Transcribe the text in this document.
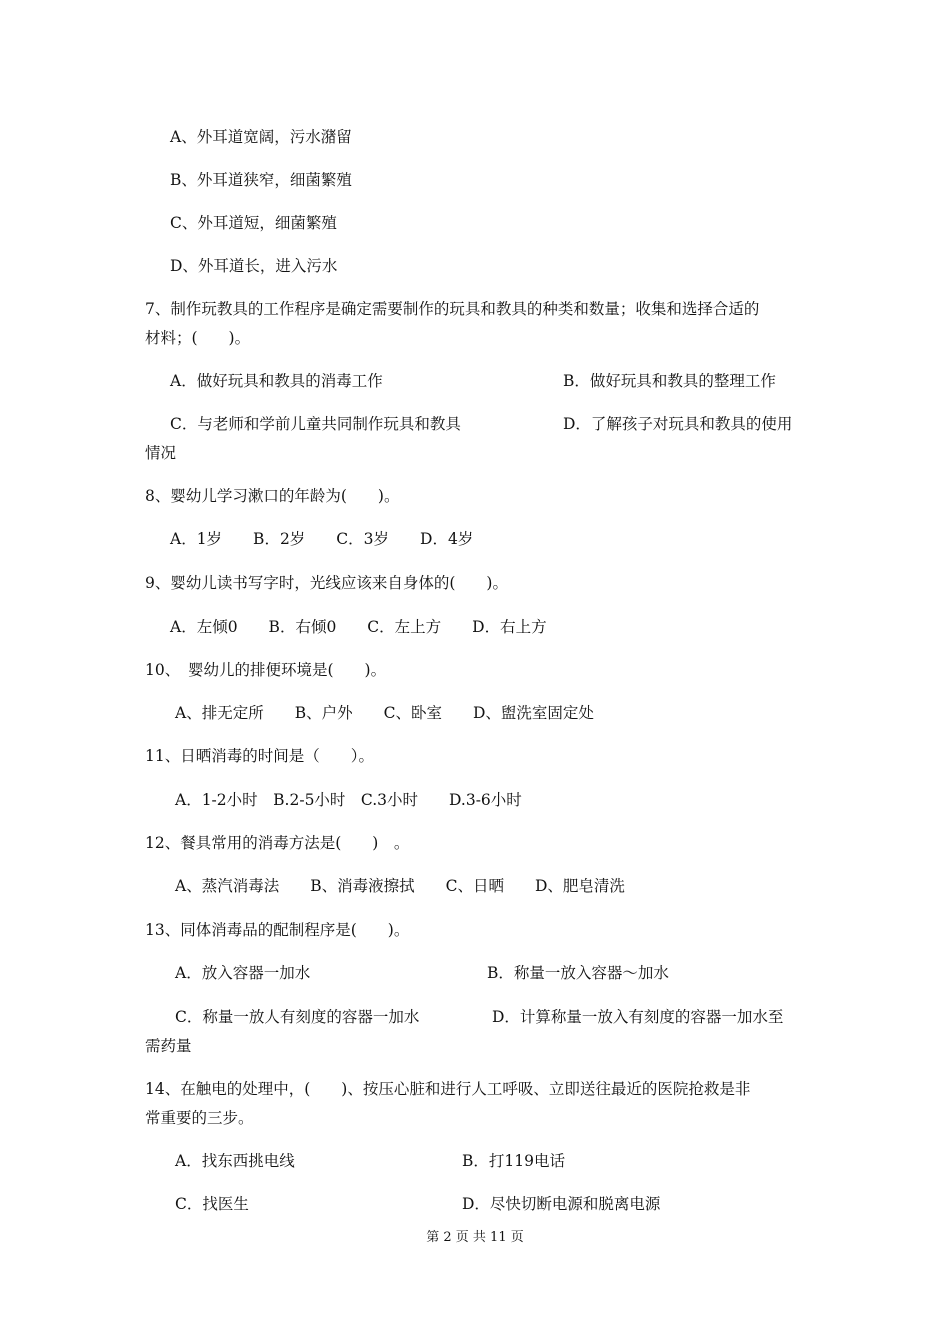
A、外耳道宽阔，污水潴留

B、外耳道狭窄，细菌繁殖

C、外耳道短，细菌繁殖

D、外耳道长，进入污水

7、制作玩教具的工作程序是确定需要制作的玩具和教具的种类和数量；收集和选择合适的

材料；(　　)。

A．做好玩具和教具的消毒工作	B．做好玩具和教具的整理工作

C．与老师和学前儿童共同制作玩具和教具	D．了解孩子对玩具和教具的使用

情况

8、婴幼儿学习漱口的年龄为(　　)。

A．1岁　　B．2岁　　C．3岁　　D．4岁

9、婴幼儿读书写字时，光线应该来自身体的(　　)。

A．左倾0　　B．右倾0　　C．左上方　　D．右上方

10、　婴幼儿的排便环境是(　　)。

A、排无定所　　B、户外　　C、卧室　　D、盥洗室固定处

11、日晒消毒的时间是（　　）。

A．1-2小时　B.2-5小时　C.3小时　　D.3-6小时

12、餐具常用的消毒方法是(　　)　。

A、蒸汽消毒法　　B、消毒液擦拭　　C、日晒　　D、肥皂清洗

13、同体消毒品的配制程序是(　　)。

A．放入容器一加水	B．称量一放入容器～加水

C．称量一放人有刻度的容器一加水	D．计算称量一放入有刻度的容器一加水至

需药量

14、在触电的处理中，(　　)、按压心脏和进行人工呼吸、立即送往最近的医院抢救是非

常重要的三步。

A．找东西挑电线	B．打119电话

C．找医生	D．尽快切断电源和脱离电源

第 2 页 共 11 页
